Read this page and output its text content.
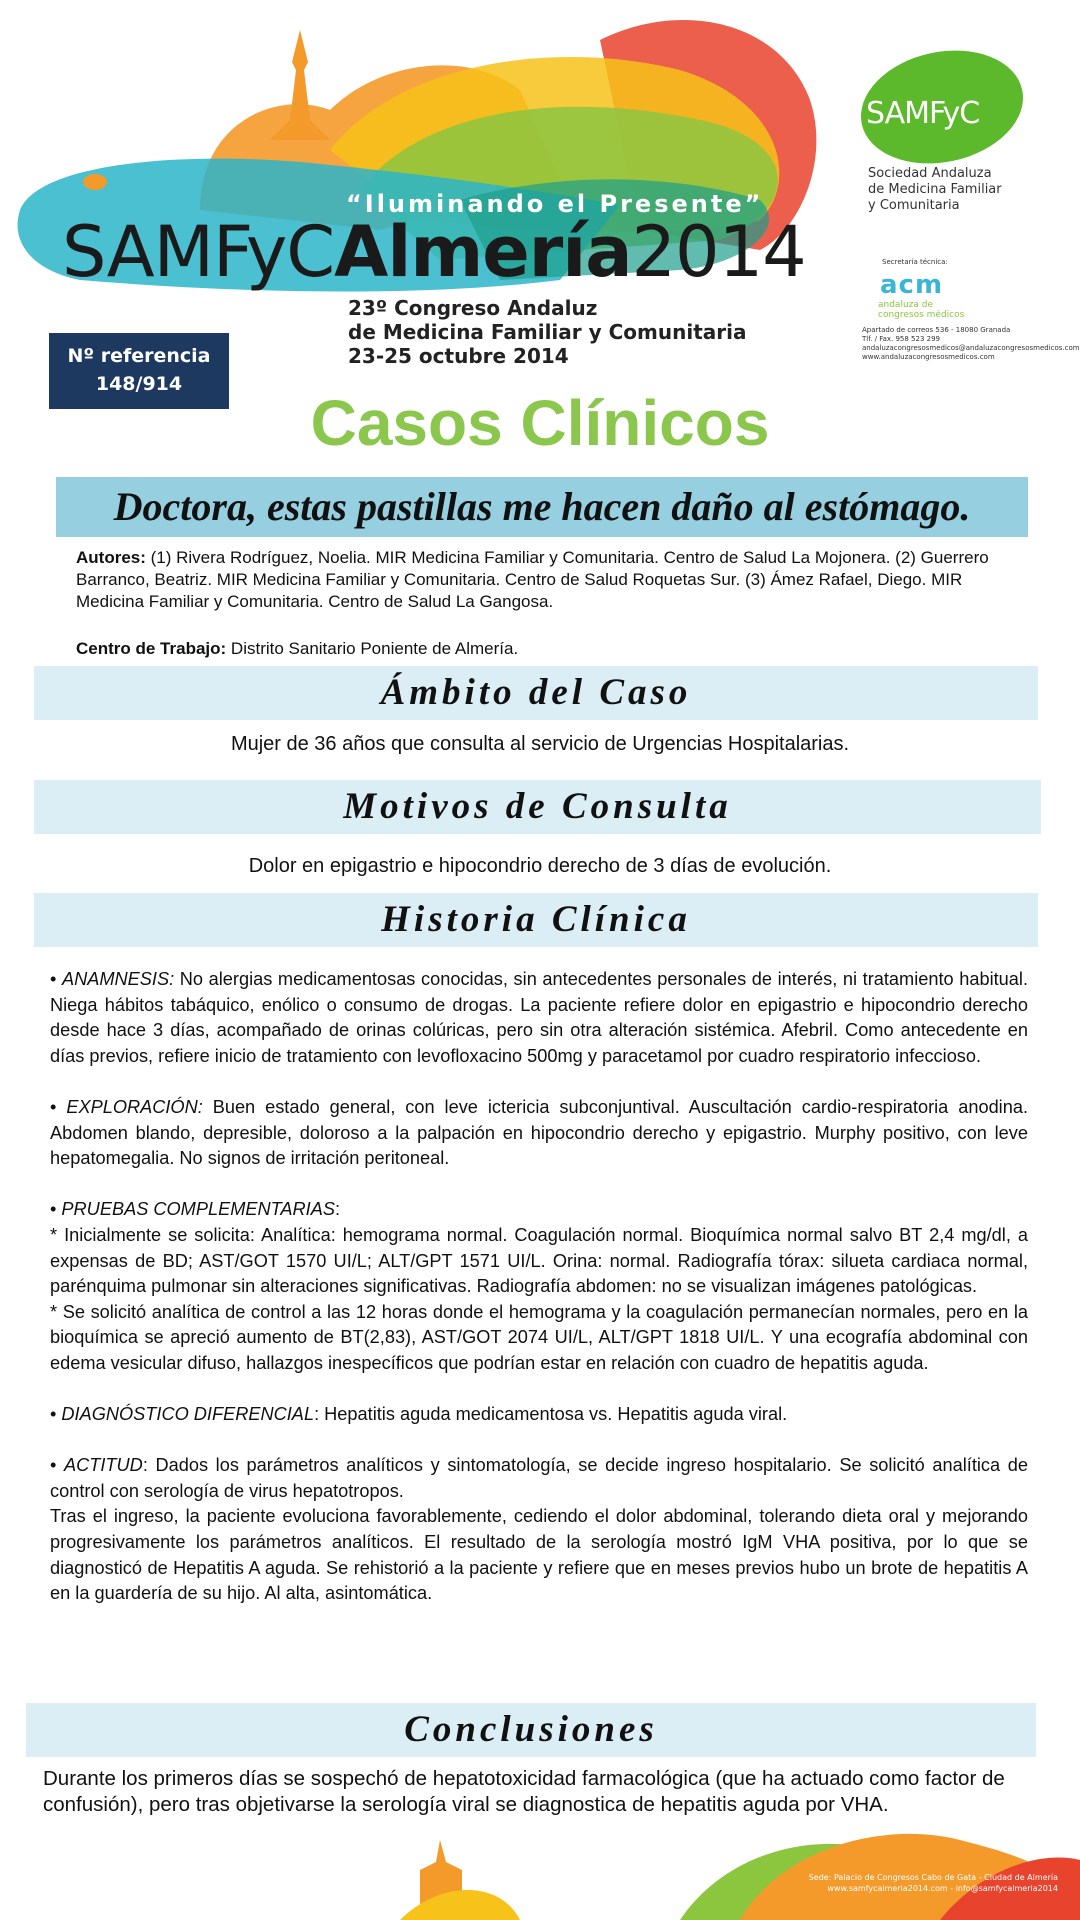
“Iluminando el Presente”
SAMFyCAlmería2014
23º Congreso Andaluz
de Medicina Familiar y Comunitaria
23-25 octubre 2014
Nº referencia
148/914
SAMFyC
Sociedad Andaluza
de Medicina Familiar
y Comunitaria
Secretaría técnica:
acm
andaluza de
congresos médicos
Apartado de correos 536 - 18080 Granada
Tlf. / Fax. 958 523 299
andaluzacongresosmedicos@andaluzacongresosmedicos.com
www.andaluzacongresosmedicos.com
Casos Clínicos
Doctora, estas pastillas me hacen daño al estómago.
Autores: (1) Rivera Rodríguez, Noelia. MIR Medicina Familiar y Comunitaria. Centro de Salud La Mojonera. (2) Guerrero Barranco, Beatriz. MIR Medicina Familiar y Comunitaria. Centro de Salud Roquetas Sur. (3) Ámez Rafael, Diego. MIR Medicina Familiar y Comunitaria. Centro de Salud La Gangosa.
Centro de Trabajo: Distrito Sanitario Poniente de Almería.
Ámbito del Caso
Mujer de 36 años que consulta al servicio de Urgencias Hospitalarias.
Motivos de Consulta
Dolor en epigastrio e hipocondrio derecho de 3 días de evolución.
Historia Clínica

• ANAMNESIS: No alergias medicamentosas conocidas, sin antecedentes personales de interés, ni tratamiento habitual. Niega hábitos tabáquico, enólico o consumo de drogas. La paciente refiere dolor en epigastrio e hipocondrio derecho desde hace 3 días, acompañado de orinas colúricas, pero sin otra alteración sistémica. Afebril. Como antecedente en días previos, refiere inicio de tratamiento con levofloxacino 500mg y paracetamol por cuadro respiratorio infeccioso.

• EXPLORACIÓN: Buen estado general, con leve ictericia subconjuntival. Auscultación cardio-respiratoria anodina. Abdomen blando, depresible, doloroso a la palpación en hipocondrio derecho y epigastrio. Murphy positivo, con leve hepatomegalia. No signos de irritación peritoneal.

• PRUEBAS COMPLEMENTARIAS:

* Inicialmente se solicita: Analítica: hemograma normal. Coagulación normal. Bioquímica normal salvo BT 2,4 mg/dl, a expensas de BD; AST/GOT 1570 UI/L; ALT/GPT 1571 UI/L. Orina: normal. Radiografía tórax: silueta cardiaca normal, parénquima pulmonar sin alteraciones significativas. Radiografía abdomen: no se visualizan imágenes patológicas.

* Se solicitó analítica de control a las 12 horas donde el hemograma y la coagulación permanecían normales, pero en la bioquímica se apreció aumento de BT(2,83), AST/GOT 2074 UI/L, ALT/GPT 1818 UI/L. Y una ecografía abdominal con edema vesicular difuso, hallazgos inespecíficos que podrían estar en relación con cuadro de hepatitis aguda.

• DIAGNÓSTICO DIFERENCIAL: Hepatitis aguda medicamentosa vs. Hepatitis aguda viral.

• ACTITUD: Dados los parámetros analíticos y sintomatología, se decide ingreso hospitalario. Se solicitó analítica de control con serología de virus hepatotropos.

Tras el ingreso, la paciente evoluciona favorablemente, cediendo el dolor abdominal, tolerando dieta oral y mejorando progresivamente los parámetros analíticos. El resultado de la serología mostró IgM VHA positiva, por lo que se diagnosticó de Hepatitis A aguda. Se rehistorió a la paciente y refiere que en meses previos hubo un brote de hepatitis A en la guardería de su hijo. Al alta, asintomática.

Conclusiones
Durante los primeros días se sospechó de hepatotoxicidad farmacológica (que ha actuado como factor de confusión), pero tras objetivarse la serología viral se diagnostica de hepatitis aguda por VHA.
Sede: Palacio de Congresos Cabo de Gata - Ciudad de Almería
www.samfycalmeria2014.com - info@samfycalmeria2014
